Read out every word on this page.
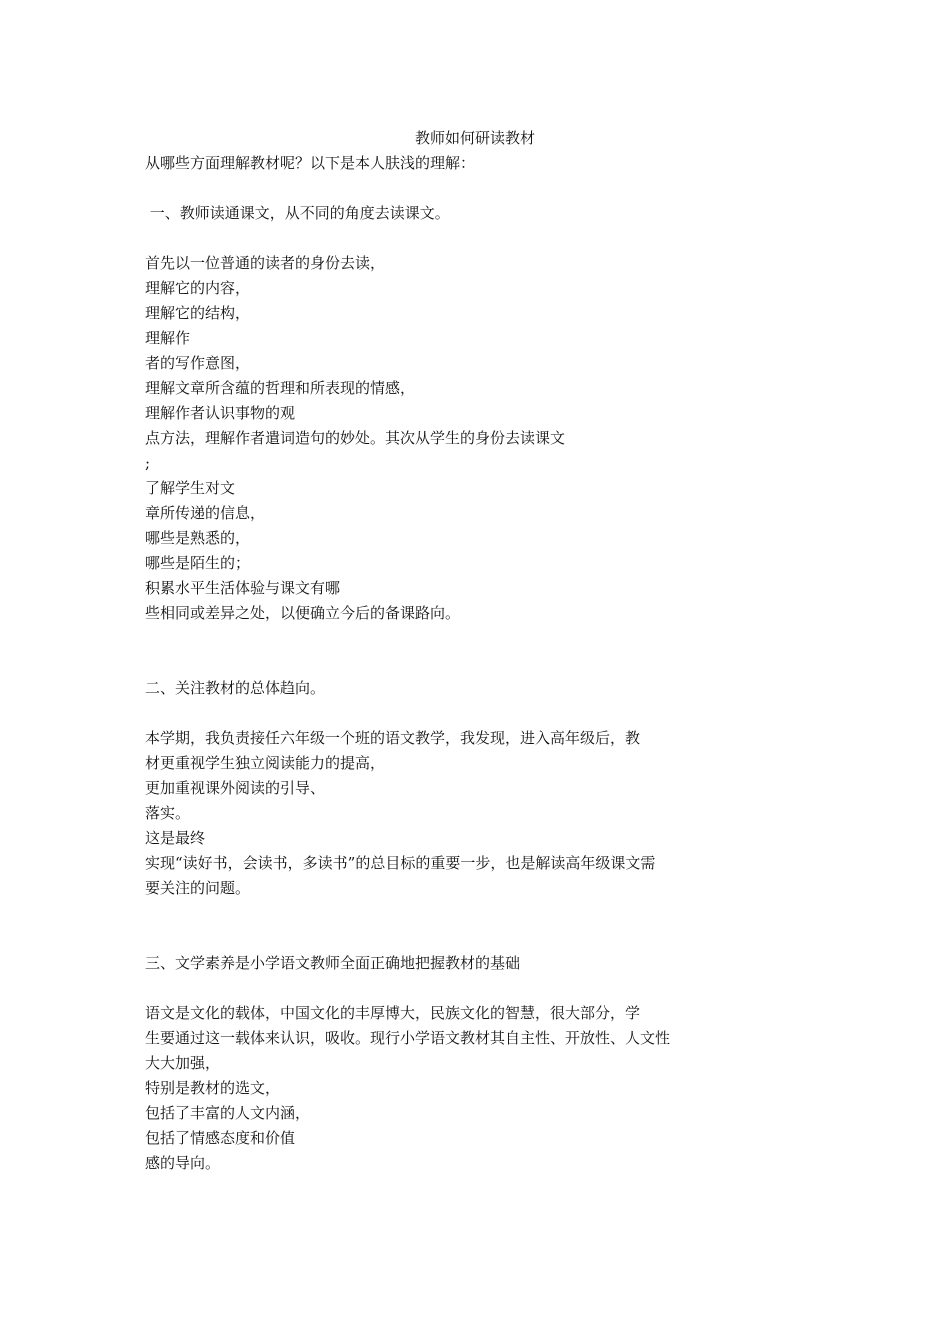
教师如何研读教材
从哪些方面理解教材呢？以下是本人肤浅的理解：
一、教师读通课文，从不同的角度去读课文。
首先以一位普通的读者的身份去读，
理解它的内容，
理解它的结构，
理解作
者的写作意图，
理解文章所含蕴的哲理和所表现的情感，
理解作者认识事物的观
点方法，理解作者遣词造句的妙处。其次从学生的身份去读课文
;
了解学生对文
章所传递的信息，
哪些是熟悉的，
哪些是陌生的；
积累水平生活体验与课文有哪
些相同或差异之处，以便确立今后的备课路向。
二、关注教材的总体趋向。
本学期，我负责接任六年级一个班的语文教学，我发现，进入高年级后，教
材更重视学生独立阅读能力的提高，
更加重视课外阅读的引导、
落实。
这是最终
实现“读好书，会读书，多读书”的总目标的重要一步，也是解读高年级课文需
要关注的问题。
三、文学素养是小学语文教师全面正确地把握教材的基础
语文是文化的载体，中国文化的丰厚博大，民族文化的智慧，很大部分，学
生要通过这一载体来认识，吸收。现行小学语文教材其自主性、开放性、人文性
大大加强，
特别是教材的选文，
包括了丰富的人文内涵，
包括了情感态度和价值
感的导向。
